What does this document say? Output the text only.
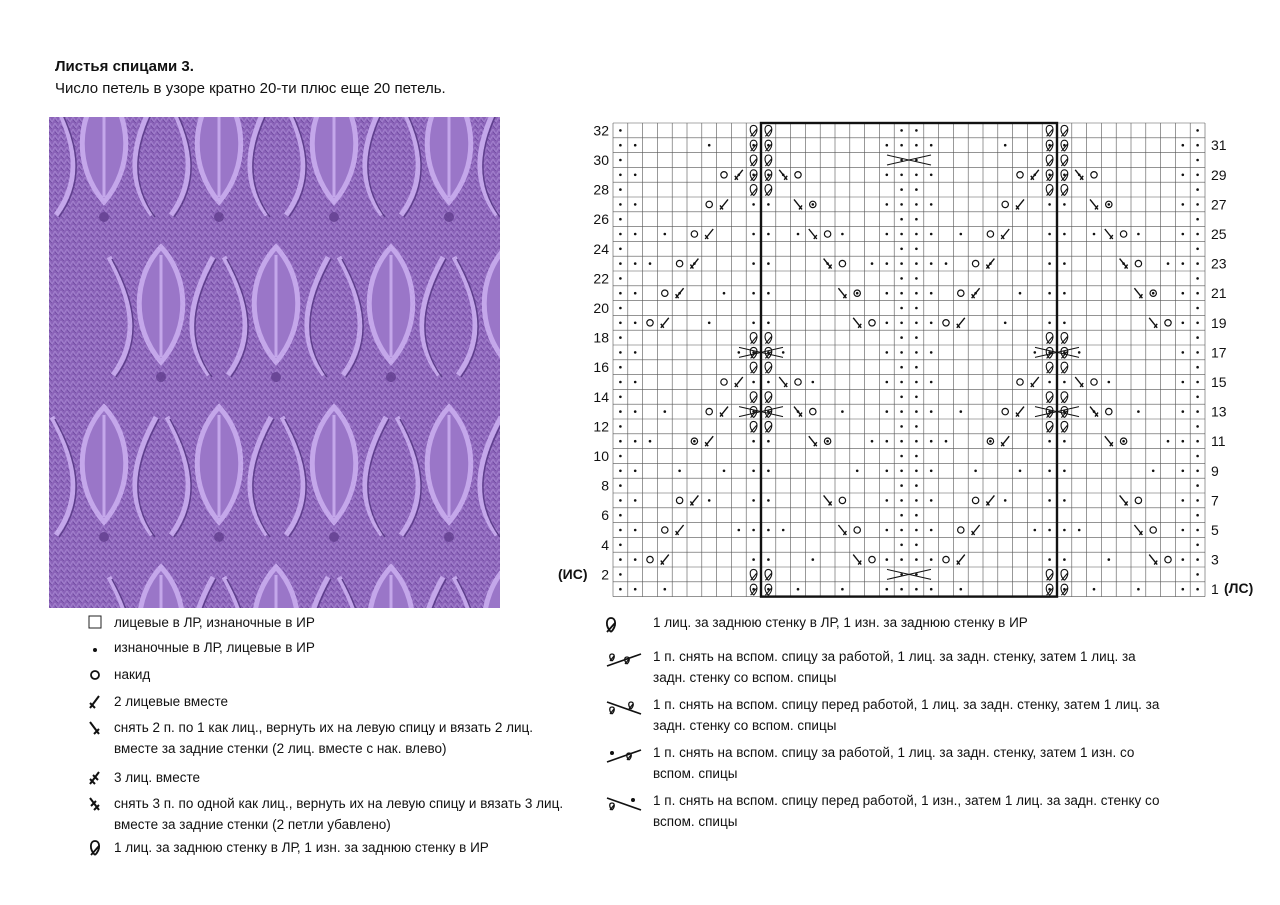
Листья спицами 3.
Число петель в узоре кратно 20-ти плюс еще 20 петель.
32
30
28
26
24
22
20
18
16
14
12
10
8
6
4
2
31
29
27
25
23
21
19
17
15
13
11
9
7
5
3
1
(ИС)
(ЛС)
лицевые в ЛР, изнаночные в ИР
изнаночные в ЛР, лицевые в ИР
накид
2 лицевые вместе
снять 2 п. по 1 как лиц., вернуть их на левую спицу и вязать 2 лиц. вместе за задние стенки (2 лиц. вместе с нак. влево)
3 лиц. вместе
снять 3 п. по одной как лиц., вернуть их на левую спицу и вязать 3 лиц. вместе за задние стенки (2 петли убавлено)
1 лиц. за заднюю стенку в ЛР, 1 изн. за заднюю стенку в ИР
1 лиц. за заднюю стенку в ЛР, 1 изн. за заднюю стенку в ИР
1 п. снять на вспом. спицу за работой, 1 лиц. за задн. стенку, затем 1 лиц. за задн. стенку со вспом. спицы
1 п. снять на вспом. спицу перед работой, 1 лиц. за задн. стенку, затем 1 лиц. за задн. стенку со вспом. спицы
1 п. снять на вспом. спицу за работой, 1 лиц. за задн. стенку, затем 1 изн. со вспом. спицы
1 п. снять на вспом. спицу перед работой, 1 изн., затем 1 лиц. за задн. стенку со вспом. спицы
